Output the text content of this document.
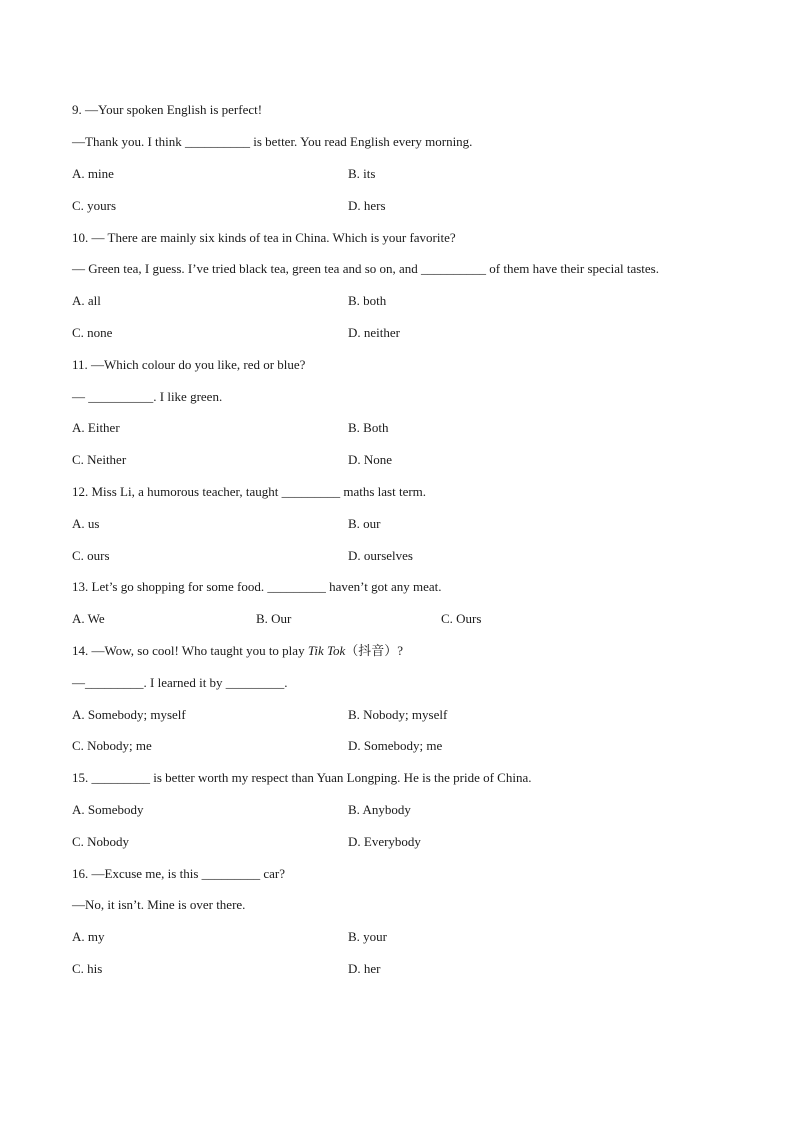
9. —Your spoken English is perfect!
—Thank you. I think __________ is better. You read English every morning.
A. mine	B. its
C. yours	D. hers
10. — There are mainly six kinds of tea in China. Which is your favorite?
— Green tea, I guess. I’ve tried black tea, green tea and so on, and __________ of them have their special tastes.
A. all	B. both
C. none	D. neither
11. —Which colour do you like, red or blue?
— __________. I like green.
A. Either	B. Both
C. Neither	D. None
12. Miss Li, a humorous teacher, taught _________ maths last term.
A. us	B. our
C. ours	D. ourselves
13. Let’s go shopping for some food. _________ haven’t got any meat.
A. We	B. Our	C. Ours
14. —Wow, so cool! Who taught you to play Tik Tok（抖音）?
—_________. I learned it by _________.
A. Somebody; myself	B. Nobody; myself
C. Nobody; me	D. Somebody; me
15. _________ is better worth my respect than Yuan Longping. He is the pride of China.
A. Somebody	B. Anybody
C. Nobody	D. Everybody
16. —Excuse me, is this _________ car?
—No, it isn’t. Mine is over there.
A. my	B. your
C. his	D. her
